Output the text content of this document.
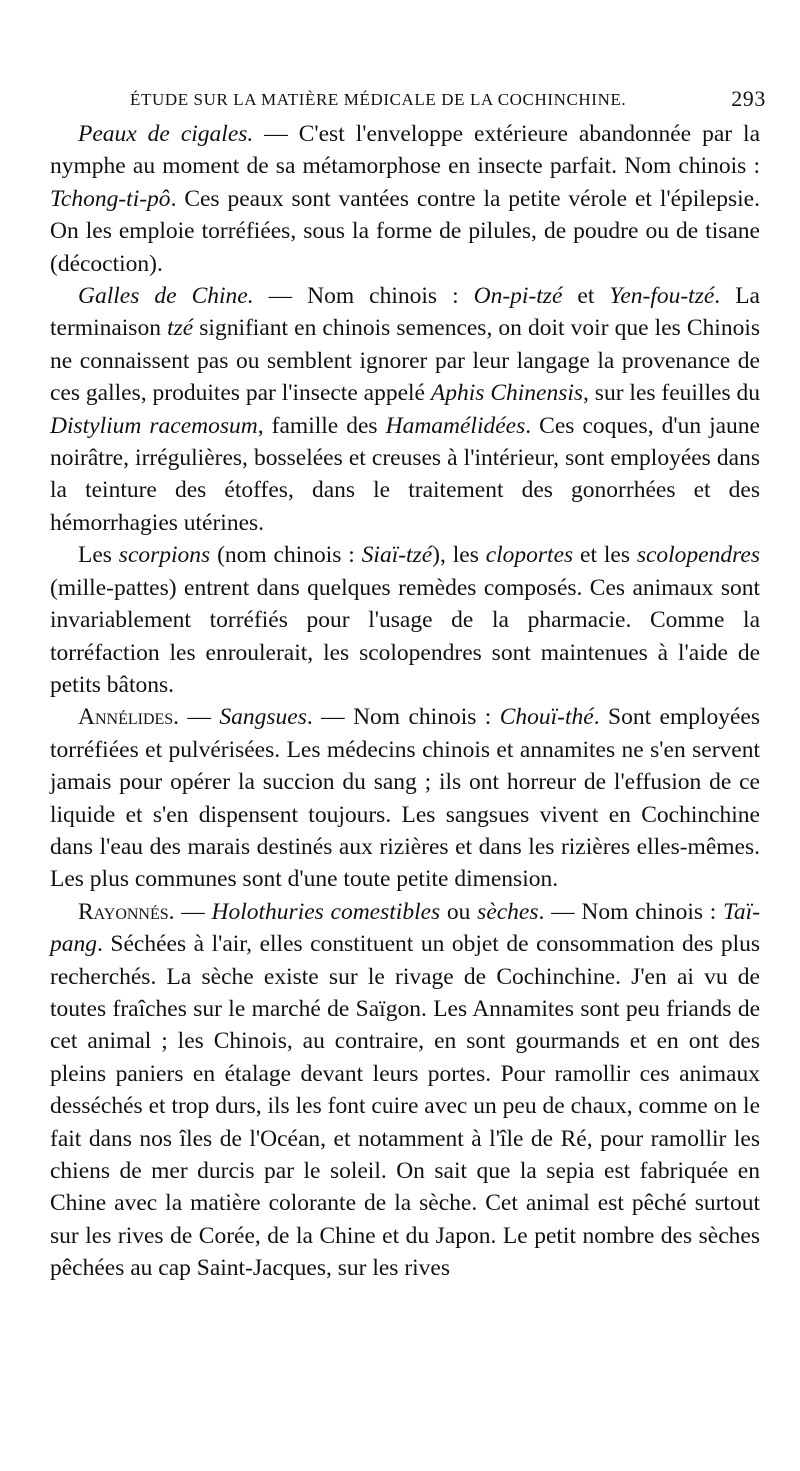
ÉTUDE SUR LA MATIÈRE MÉDICALE DE LA COCHINCHINE.	293

Peaux de cigales. — C'est l'enveloppe extérieure abandonnée par la nymphe au moment de sa métamorphose en insecte parfait. Nom chinois : Tchong-ti-pô. Ces peaux sont vantées contre la petite vérole et l'épilepsie. On les emploie torréfiées, sous la forme de pilules, de poudre ou de tisane (décoction).

Galles de Chine. — Nom chinois : On-pi-tzé et Yen-fou-tzé. La terminaison tzé signifiant en chinois semences, on doit voir que les Chinois ne connaissent pas ou semblent ignorer par leur langage la provenance de ces galles, produites par l'insecte appelé Aphis Chinensis, sur les feuilles du Distylium racemosum, famille des Hamamélidées. Ces coques, d'un jaune noirâtre, irrégulières, bosselées et creuses à l'intérieur, sont employées dans la teinture des étoffes, dans le traitement des gonorrhées et des hémorrhagies utérines.

Les scorpions (nom chinois : Siaï-tzé), les cloportes et les scolopendres (mille-pattes) entrent dans quelques remèdes composés. Ces animaux sont invariablement torréfiés pour l'usage de la pharmacie. Comme la torréfaction les enroulerait, les scolopendres sont maintenues à l'aide de petits bâtons.

Annélides. — Sangsues. — Nom chinois : Chouï-thé. Sont employées torréfiées et pulvérisées. Les médecins chinois et annamites ne s'en servent jamais pour opérer la succion du sang ; ils ont horreur de l'effusion de ce liquide et s'en dispensent toujours. Les sangsues vivent en Cochinchine dans l'eau des marais destinés aux rizières et dans les rizières elles-mêmes. Les plus communes sont d'une toute petite dimension.

Rayonnés. — Holothuries comestibles ou sèches. — Nom chinois : Taï-pang. Séchées à l'air, elles constituent un objet de consommation des plus recherchés. La sèche existe sur le rivage de Cochinchine. J'en ai vu de toutes fraîches sur le marché de Saïgon. Les Annamites sont peu friands de cet animal ; les Chinois, au contraire, en sont gourmands et en ont des pleins paniers en étalage devant leurs portes. Pour ramollir ces animaux desséchés et trop durs, ils les font cuire avec un peu de chaux, comme on le fait dans nos îles de l'Océan, et notamment à l'île de Ré, pour ramollir les chiens de mer durcis par le soleil. On sait que la sepia est fabriquée en Chine avec la matière colorante de la sèche. Cet animal est pêché surtout sur les rives de Corée, de la Chine et du Japon. Le petit nombre des sèches pêchées au cap Saint-Jacques, sur les rives
